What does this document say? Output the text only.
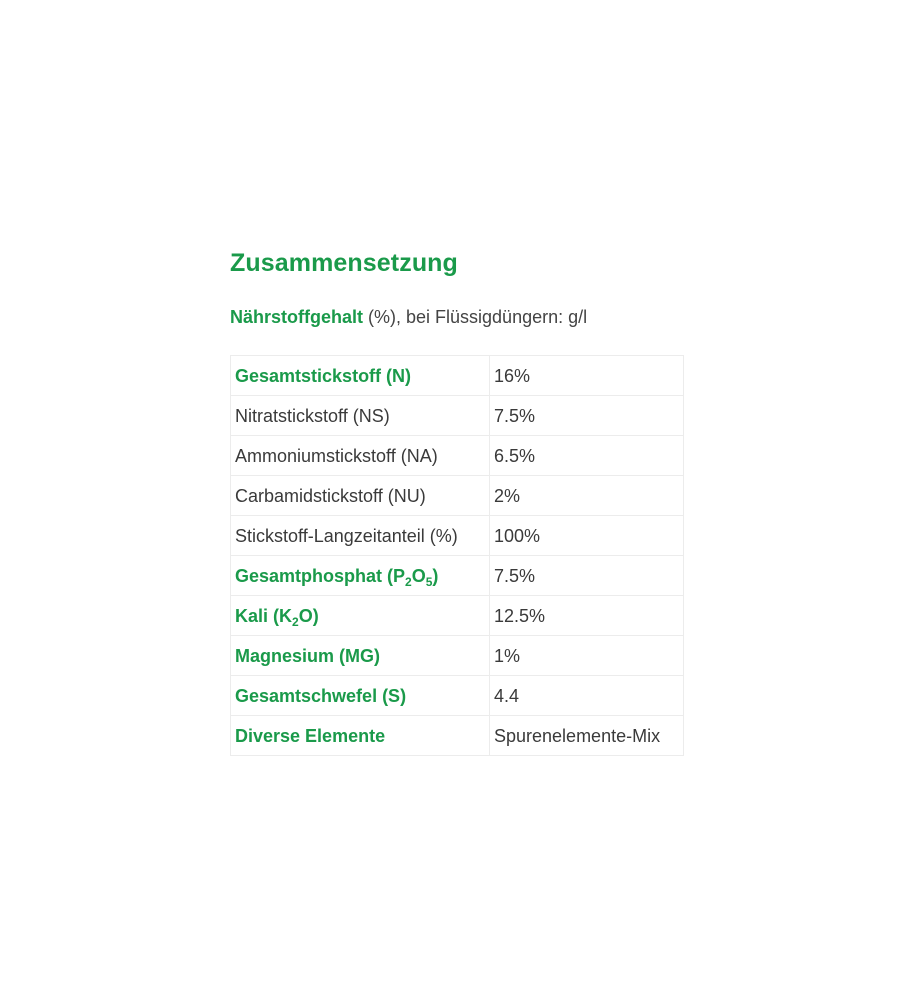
Zusammensetzung
Nährstoffgehalt (%), bei Flüssigdüngern: g/l
Gesamtstickstoff (N)	16%
Nitratstickstoff (NS)	7.5%
Ammoniumstickstoff (NA)	6.5%
Carbamidstickstoff (NU)	2%
Stickstoff-Langzeitanteil (%)	100%
Gesamtphosphat $(P_2O_5)$	7.5%
Kali $(K_2O)$	12.5%
Magnesium (MG)	1%
Gesamtschwefel (S)	4.4
Diverse Elemente	Spurenelemente-Mix
